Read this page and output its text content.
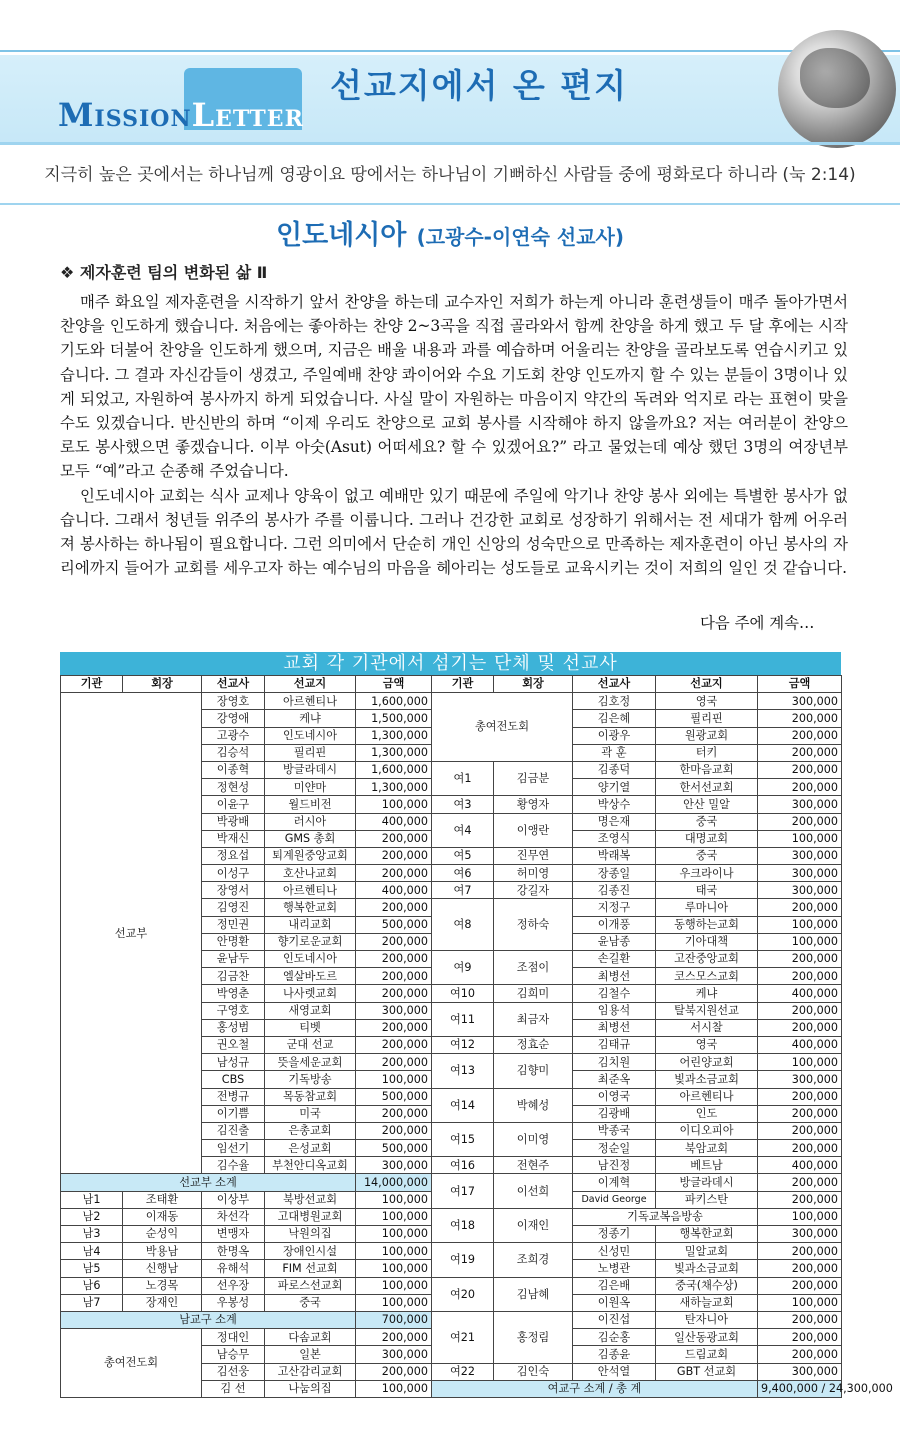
MISSIONLETTER
선교지에서 온 편지
지극히 높은 곳에서는 하나님께 영광이요 땅에서는 하나님이 기뻐하신 사람들 중에 평화로다 하니라 (눅 2:14)
인도네시아 (고광수-이연숙 선교사)
❖ 제자훈련 팀의 변화된 삶 Ⅱ

매주 화요일 제자훈련을 시작하기 앞서 찬양을 하는데 교수자인 저희가 하는게 아니라 훈련생들이 매주 돌아가면서 찬양을 인도하게 했습니다. 처음에는 좋아하는 찬양 2~3곡을 직접 골라와서 함께 찬양을 하게 했고 두 달 후에는 시작기도와 더불어 찬양을 인도하게 했으며, 지금은 배울 내용과 과를 예습하며 어울리는 찬양을 골라보도록 연습시키고 있습니다. 그 결과 자신감들이 생겼고, 주일예배 찬양 콰이어와 수요 기도회 찬양 인도까지 할 수 있는 분들이 3명이나 있게 되었고, 자원하여 봉사까지 하게 되었습니다. 사실 말이 자원하는 마음이지 약간의 독려와 억지로 라는 표현이 맞을 수도 있겠습니다. 반신반의 하며 “이제 우리도 찬양으로 교회 봉사를 시작해야 하지 않을까요? 저는 여러분이 찬양으로도 봉사했으면 좋겠습니다. 이부 아숫(Asut) 어떠세요? 할 수 있겠어요?” 라고 물었는데 예상 했던 3명의 여장년부 모두 “예”라고 순종해 주었습니다.

인도네시아 교회는 식사 교제나 양육이 없고 예배만 있기 때문에 주일에 악기나 찬양 봉사 외에는 특별한 봉사가 없습니다. 그래서 청년들 위주의 봉사가 주를 이룹니다. 그러나 건강한 교회로 성장하기 위해서는 전 세대가 함께 어우러져 봉사하는 하나됨이 필요합니다. 그런 의미에서 단순히 개인 신앙의 성숙만으로 만족하는 제자훈련이 아닌 봉사의 자리에까지 들어가 교회를 세우고자 하는 예수님의 마음을 헤아리는 성도들로 교육시키는 것이 저희의 일인 것 같습니다.

다음 주에 계속…
교회 각 기관에서 섬기는 단체 및 선교사
기관	회장	선교사	선교지	금액	기관	회장	선교사	선교지	금액
선교부		장영호	아르헨티나	1,600,000	총여전도회		김호정	영국	300,000
		강영애	케냐	1,500,000			김은혜	필리핀	200,000
		고광수	인도네시아	1,300,000			이광우	원광교회	200,000
		김승석	필리핀	1,300,000			곽 훈	터키	200,000
		이종혁	방글라데시	1,600,000	여1	김금분	김종덕	한마음교회	200,000
		정현성	미얀마	1,300,000			양기열	한서선교회	200,000
		이윤구	월드비전	100,000	여3	황영자	박상수	안산 밀알	300,000
		박광배	러시아	400,000	여4	이앵란	명은재	중국	200,000
		박재신	GMS 총회	200,000			조영식	대명교회	100,000
		정요섭	퇴계원중앙교회	200,000	여5	진무연	박래복	중국	300,000
		이성구	호산나교회	200,000	여6	허미영	장종일	우크라이나	300,000
		장영서	아르헨티나	400,000	여7	강길자	김종진	태국	300,000
		김영진	행복한교회	200,000	여8	정하숙	지정구	루마니아	200,000
		정민권	내리교회	500,000			이개풍	동행하는교회	100,000
		안명환	향기로운교회	200,000			윤남종	기아대책	100,000
		윤남두	인도네시아	200,000	여9	조점이	손길환	고잔중앙교회	200,000
		김금찬	엘살바도르	200,000			최병선	코스모스교회	200,000
		박영춘	나사렛교회	200,000	여10	김희미	김철수	케냐	400,000
		구영호	새영교회	300,000	여11	최금자	임용석	탈북지원선교	200,000
		홍성범	티벳	200,000			최병선	서시찰	200,000
		권오철	군대 선교	200,000	여12	정효순	김태규	영국	400,000
		남성규	뜻을세운교회	200,000	여13	김향미	김치원	어린양교회	100,000
		CBS	기독방송	100,000			최준옥	빛과소금교회	300,000
		전병규	목동참교회	500,000	여14	박혜성	이영국	아르헨티나	200,000
		이기쁨	미국	200,000			김광배	인도	200,000
		김진출	은총교회	200,000	여15	이미영	박종국	이디오피아	200,000
		임선기	은성교회	500,000			정순일	북암교회	200,000
		김수율	부천안디옥교회	300,000	여16	전현주	남진정	베트남	400,000
선교부 소계				14,000,000	여17	이선희	이계혁	방글라데시	200,000
남1	조태환	이상부	북방선교회	100,000			David George	파키스탄	200,000
남2	이재동	차선각	고대병원교회	100,000	여18	이재인	기독교복음방송		100,000
남3	순성익	변맹자	낙원의집	100,000			정종기	행복한교회	300,000
남4	박용남	한명옥	장애인시설	100,000	여19	조희경	신성민	밀알교회	200,000
남5	신행남	유해석	FIM 선교회	100,000			노병관	빛과소금교회	200,000
남6	노경목	선우장	파로스선교회	100,000	여20	김남혜	김은배	중국(채수상)	200,000
남7	장재인	우봉성	중국	100,000			이원옥	새하늘교회	100,000
남교구 소계				700,000	여21	홍정림	이진섭	탄자니아	200,000
총여전도회		정대인	다솜교회	200,000			김순홍	일산동광교회	200,000
		남승무	일본	300,000			김종윤	드림교회	200,000
		김선웅	고산감리교회	200,000	여22	김인숙	안석열	GBT 선교회	300,000
		김 선	나눔의집	100,000	여교구 소계 / 총 계				9,400,000 / 24,300,000
